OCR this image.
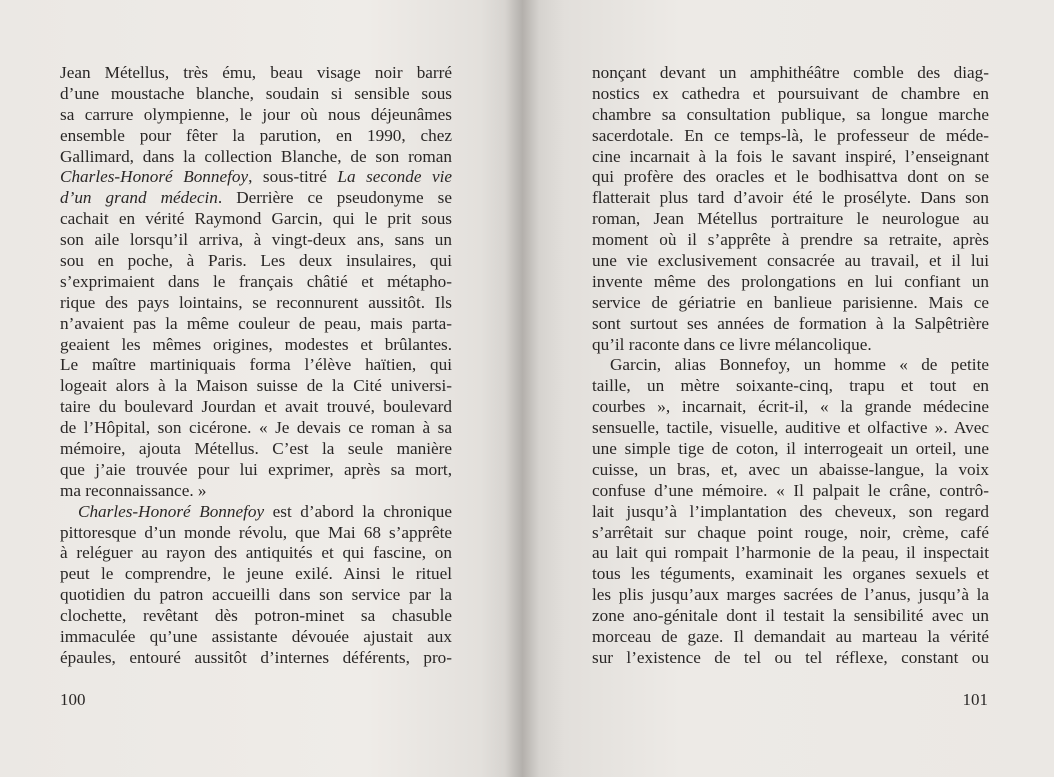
Jean Métellus, très ému, beau visage noir barré
d’une moustache blanche, soudain si sensible sous
sa carrure olympienne, le jour où nous déjeunâmes
ensemble pour fêter la parution, en 1990, chez
Gallimard, dans la collection Blanche, de son roman
Charles-Honoré Bonnefoy, sous-titré La seconde vie
d’un grand médecin. Derrière ce pseudonyme se
cachait en vérité Raymond Garcin, qui le prit sous
son aile lorsqu’il arriva, à vingt-deux ans, sans un
sou en poche, à Paris. Les deux insulaires, qui
s’exprimaient dans le français châtié et métapho-
rique des pays lointains, se reconnurent aussitôt. Ils
n’avaient pas la même couleur de peau, mais parta-
geaient les mêmes origines, modestes et brûlantes.
Le maître martiniquais forma l’élève haïtien, qui
logeait alors à la Maison suisse de la Cité universi-
taire du boulevard Jourdan et avait trouvé, boulevard
de l’Hôpital, son cicérone. « Je devais ce roman à sa
mémoire, ajouta Métellus. C’est la seule manière
que j’aie trouvée pour lui exprimer, après sa mort,
ma reconnaissance. »
Charles-Honoré Bonnefoy est d’abord la chronique
pittoresque d’un monde révolu, que Mai 68 s’apprête
à reléguer au rayon des antiquités et qui fascine, on
peut le comprendre, le jeune exilé. Ainsi le rituel
quotidien du patron accueilli dans son service par la
clochette, revêtant dès potron-minet sa chasuble
immaculée qu’une assistante dévouée ajustait aux
épaules, entouré aussitôt d’internes déférents, pro-
100
nonçant devant un amphithéâtre comble des diag-
nostics ex cathedra et poursuivant de chambre en
chambre sa consultation publique, sa longue marche
sacerdotale. En ce temps-là, le professeur de méde-
cine incarnait à la fois le savant inspiré, l’enseignant
qui profère des oracles et le bodhisattva dont on se
flatterait plus tard d’avoir été le prosélyte. Dans son
roman, Jean Métellus portraiture le neurologue au
moment où il s’apprête à prendre sa retraite, après
une vie exclusivement consacrée au travail, et il lui
invente même des prolongations en lui confiant un
service de gériatrie en banlieue parisienne. Mais ce
sont surtout ses années de formation à la Salpêtrière
qu’il raconte dans ce livre mélancolique.
Garcin, alias Bonnefoy, un homme « de petite
taille, un mètre soixante-cinq, trapu et tout en
courbes », incarnait, écrit-il, « la grande médecine
sensuelle, tactile, visuelle, auditive et olfactive ». Avec
une simple tige de coton, il interrogeait un orteil, une
cuisse, un bras, et, avec un abaisse-langue, la voix
confuse d’une mémoire. « Il palpait le crâne, contrô-
lait jusqu’à l’implantation des cheveux, son regard
s’arrêtait sur chaque point rouge, noir, crème, café
au lait qui rompait l’harmonie de la peau, il inspectait
tous les téguments, examinait les organes sexuels et
les plis jusqu’aux marges sacrées de l’anus, jusqu’à la
zone ano-génitale dont il testait la sensibilité avec un
morceau de gaze. Il demandait au marteau la vérité
sur l’existence de tel ou tel réflexe, constant ou
101
